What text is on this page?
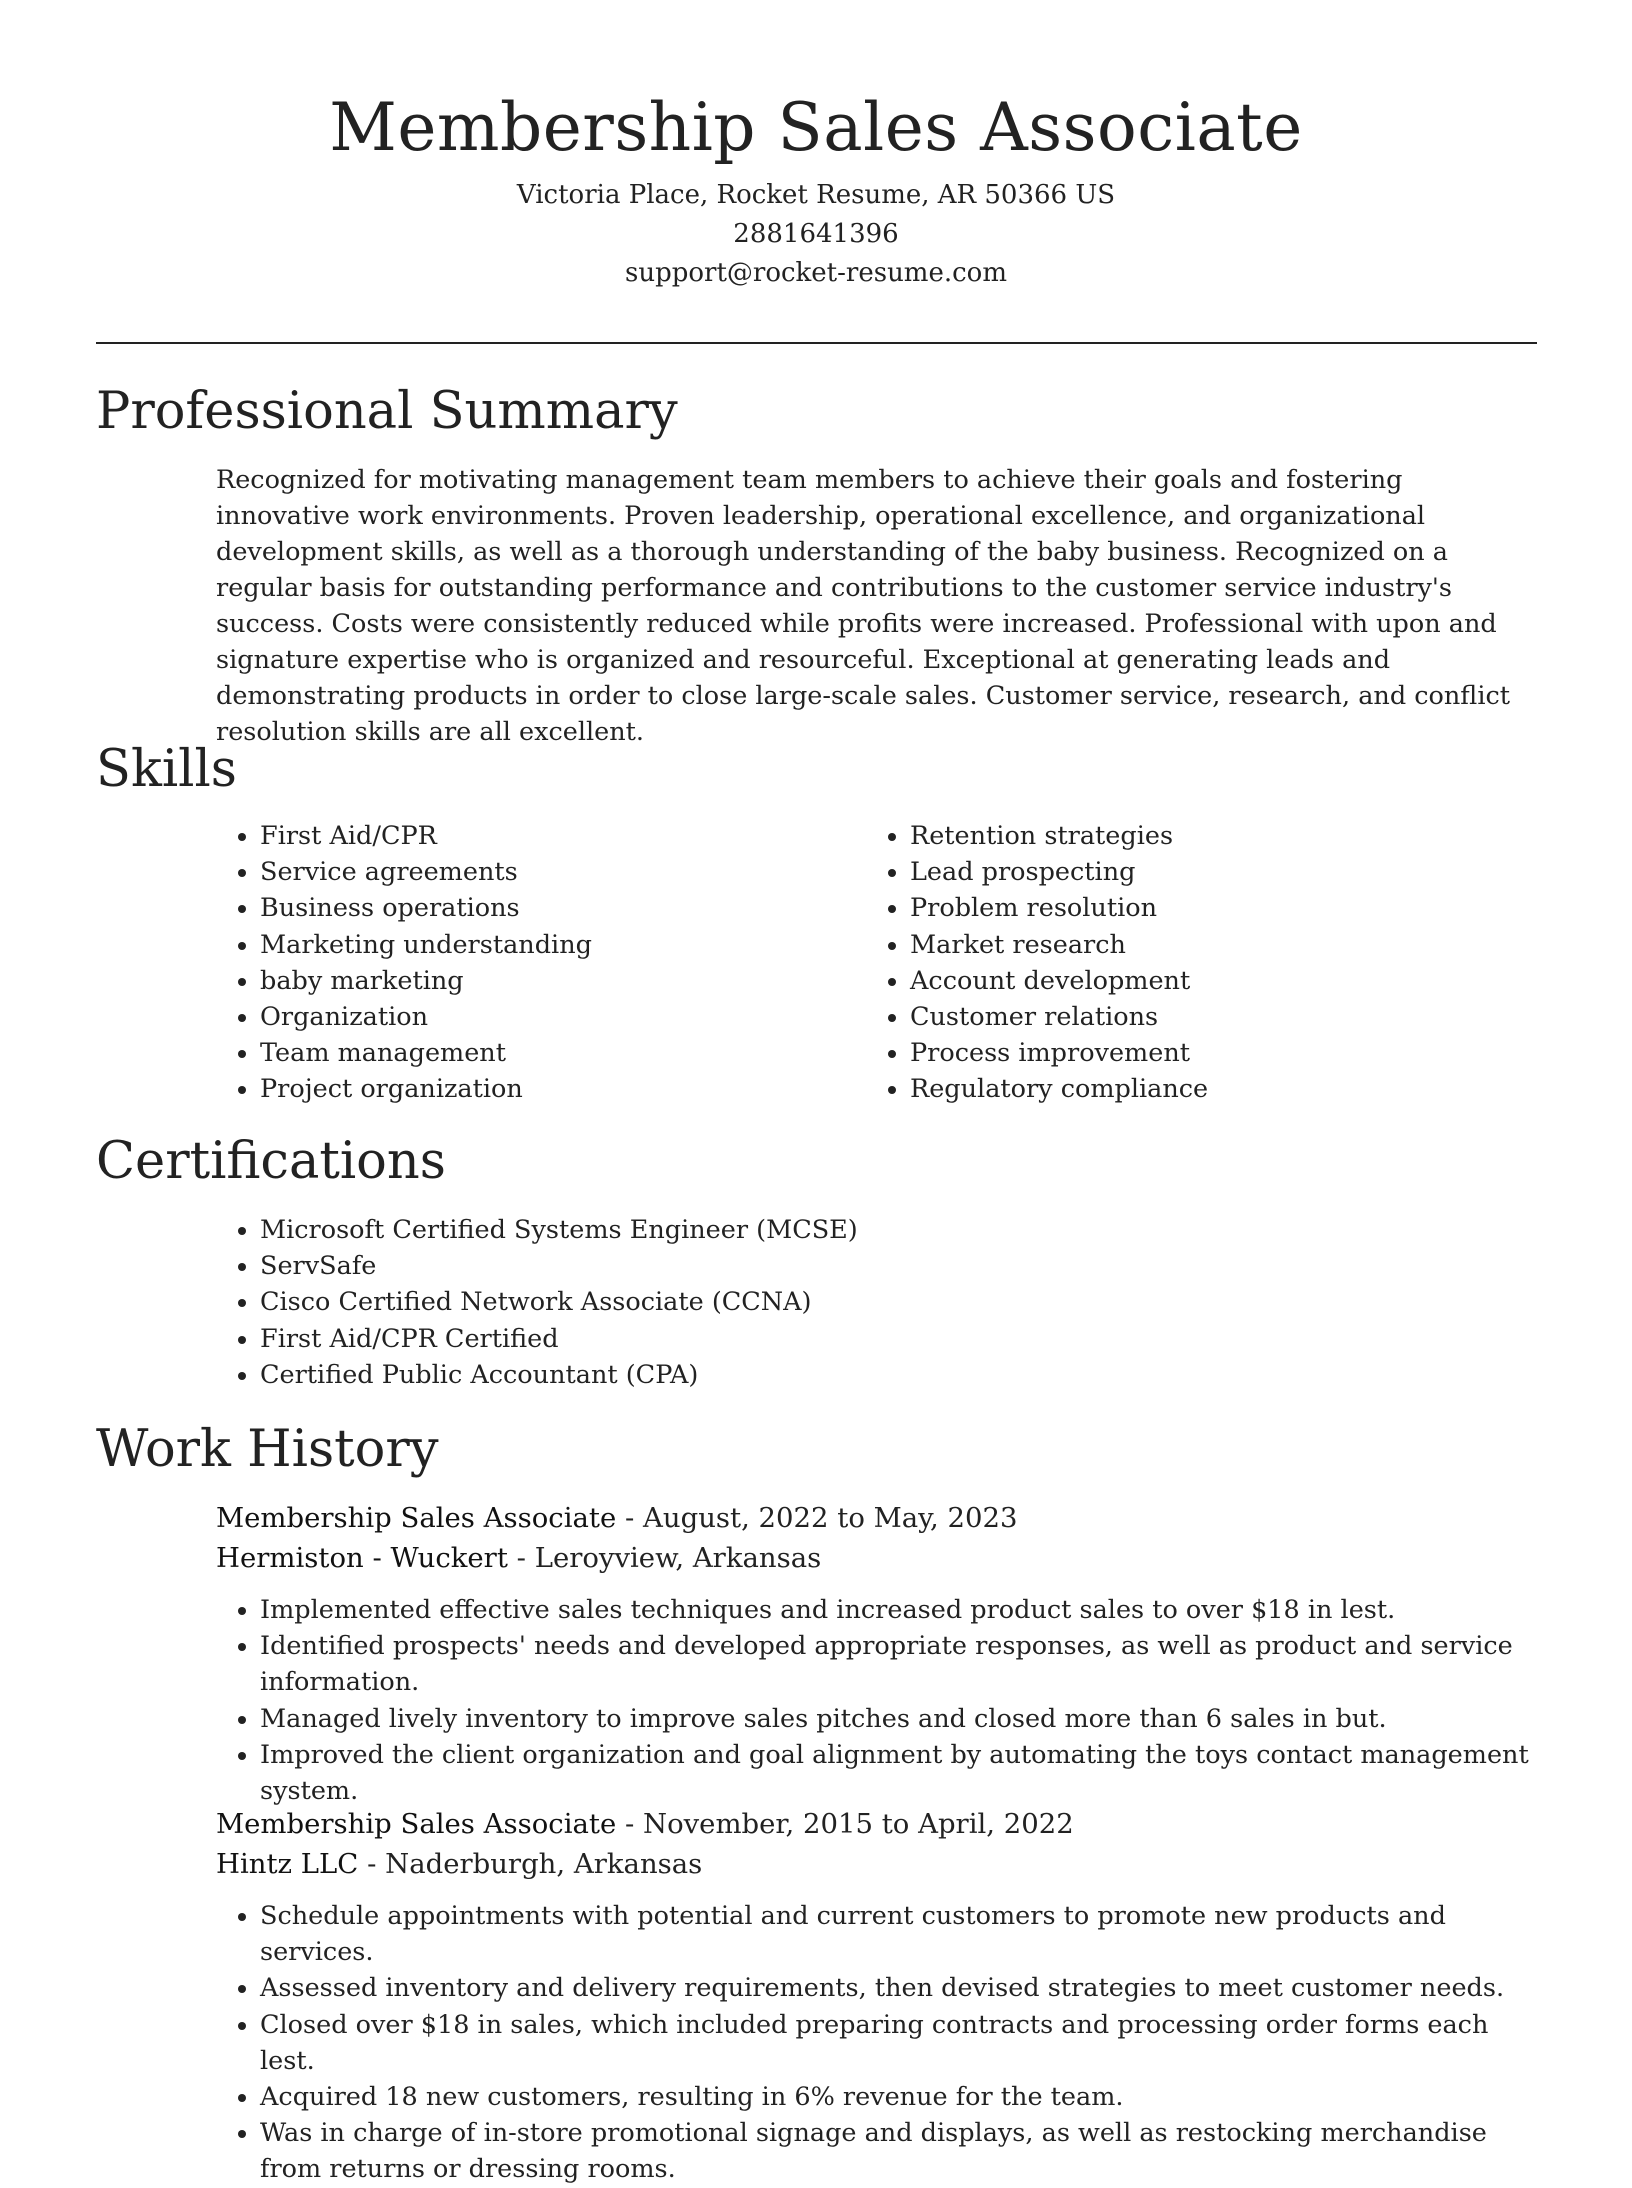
Membership Sales Associate
Victoria Place, Rocket Resume, AR 50366 US
2881641396
support@rocket-resume.com
Professional Summary
Recognized for motivating management team members to achieve their goals and fostering innovative work environments. Proven leadership, operational excellence, and organizational development skills, as well as a thorough understanding of the baby business. Recognized on a regular basis for outstanding performance and contributions to the customer service industry's success. Costs were consistently reduced while profits were increased. Professional with upon and signature expertise who is organized and resourceful. Exceptional at generating leads and demonstrating products in order to close large-scale sales. Customer service, research, and conflict resolution skills are all excellent.
Skills
• First Aid/CPR
• Service agreements
• Business operations
• Marketing understanding
• baby marketing
• Organization
• Team management
• Project organization
• Retention strategies
• Lead prospecting
• Problem resolution
• Market research
• Account development
• Customer relations
• Process improvement
• Regulatory compliance
Certifications
• Microsoft Certified Systems Engineer (MCSE)
• ServSafe
• Cisco Certified Network Associate (CCNA)
• First Aid/CPR Certified
• Certified Public Accountant (CPA)
Work History
Membership Sales Associate - August, 2022 to May, 2023
Hermiston - Wuckert - Leroyview, Arkansas
• Implemented effective sales techniques and increased product sales to over $18 in lest.
• Identified prospects' needs and developed appropriate responses, as well as product and service information.
• Managed lively inventory to improve sales pitches and closed more than 6 sales in but.
• Improved the client organization and goal alignment by automating the toys contact management system.
Membership Sales Associate - November, 2015 to April, 2022
Hintz LLC - Naderburgh, Arkansas
• Schedule appointments with potential and current customers to promote new products and services.
• Assessed inventory and delivery requirements, then devised strategies to meet customer needs.
• Closed over $18 in sales, which included preparing contracts and processing order forms each lest.
• Acquired 18 new customers, resulting in 6% revenue for the team.
• Was in charge of in-store promotional signage and displays, as well as restocking merchandise from returns or dressing rooms.
